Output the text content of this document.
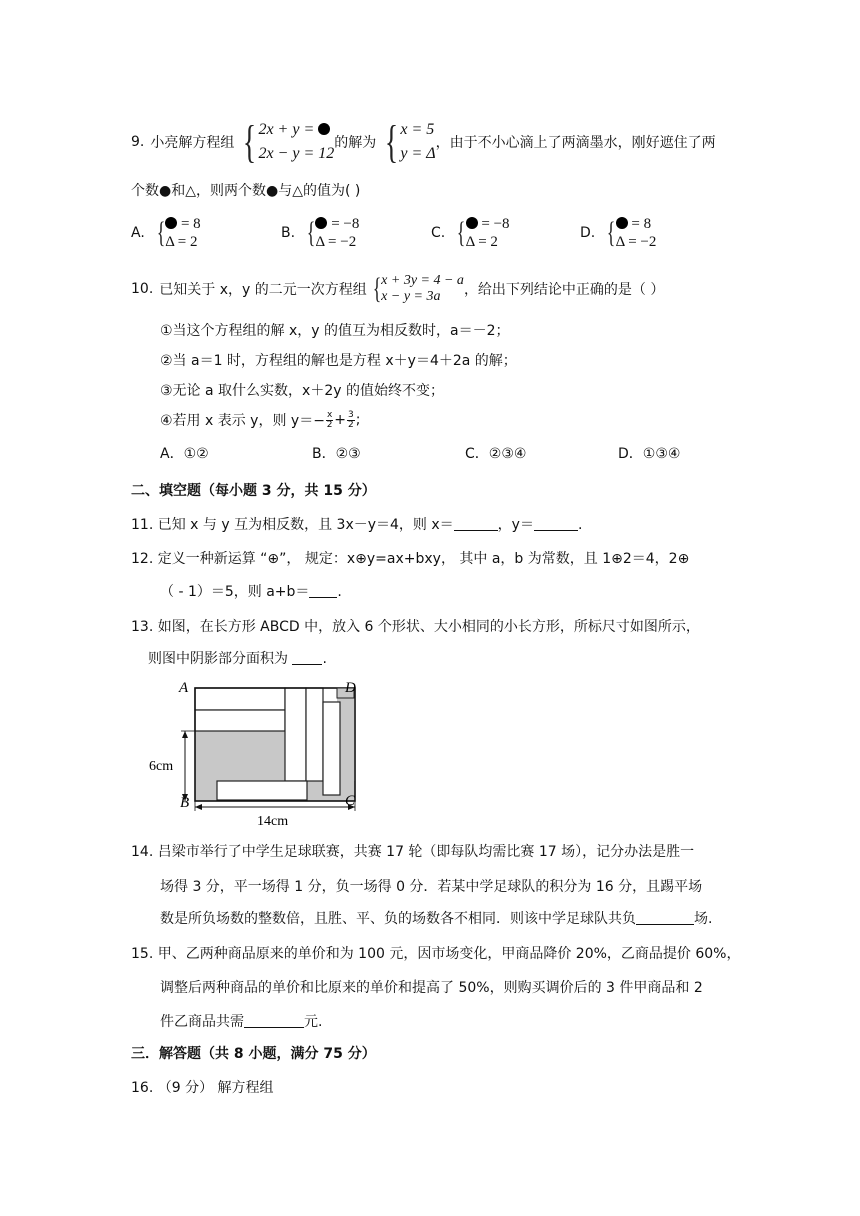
9. 小亮解方程组 { 2x + y =
2x − y = 12
的解为 { x = 5
y = Δ
，由于不小心滴上了两滴墨水，刚好遮住了两
个数●和△，则两个数●与△的值为( )
A. {	= 8
Δ = 2
B. {	= −8
Δ = −2
C. {	= −8
Δ = 2
D. {	= 8
Δ = −2
10. 已知关于 x，y 的二元一次方程组 { x + 3y = 4 − a
x − y = 3a	，给出下列结论中正确的是（ ）
①当这个方程组的解 x，y 的值互为相反数时，a＝－2；
②当 a＝1 时，方程组的解也是方程 x＋y＝4＋2a 的解；
③无论 a 取什么实数，x＋2y 的值始终不变；
④若用 x 表示 y，则 $y=- \frac{x}{2} + \frac{3}{2}$ ;
A．①②	B．②③	C．②③④	D．①③④
二、填空题（每小题 3 分，共 15 分）
11. 已知 x 与 y 互为相反数，且 3x－y＝4，则 x＝	，y＝	.
12. 定义一种新运算 “⊕”， 规定：x⊕y=ax+bxy， 其中 a，b 为常数，且 1⊕2＝4，2⊕
（ - 1）＝5，则 a+b＝ .
13. 如图，在长方形 ABCD 中，放入 6 个形状、大小相同的小长方形，所标尺寸如图所示，
则图中阴影部分面积为 .
A
B	C
D
6cm
14cm
14. 吕梁市举行了中学生足球联赛，共赛 17 轮（即每队均需比赛 17 场），记分办法是胜一
场得 3 分，平一场得 1 分，负一场得 0 分．若某中学足球队的积分为 16 分，且踢平场
数是所负场数的整数倍，且胜、平、负的场数各不相同．则该中学足球队共负	场.
15. 甲、乙两种商品原来的单价和为 100 元，因市场变化，甲商品降价 20%，乙商品提价 60%，
调整后两种商品的单价和比原来的单价和提高了 50%，则购买调价后的 3 件甲商品和 2
件乙商品共需	元.
三．解答题（共 8 小题，满分 75 分）
16. （9 分） 解方程组
